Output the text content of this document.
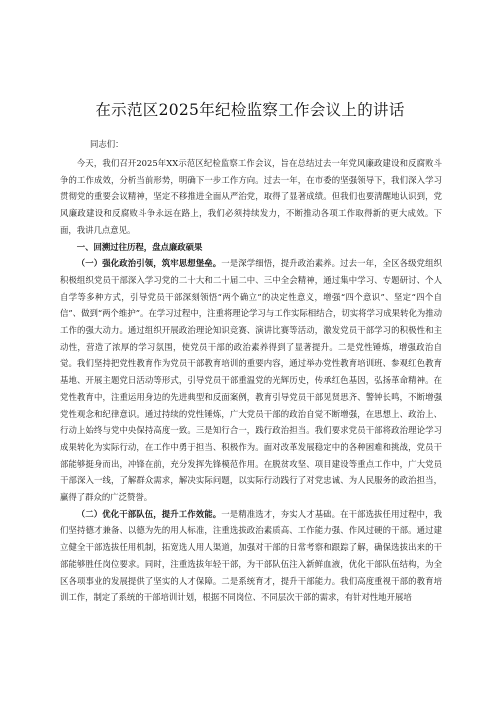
在示范区2025年纪检监察工作会议上的讲话

同志们：

今天，我们召开2025年XX示范区纪检监察工作会议，旨在总结过去一年党风廉政建设和反腐败斗争的工作成效，分析当前形势，明确下一步工作方向。过去一年，在市委的坚强领导下，我们深入学习贯彻党的重要会议精神，坚定不移推进全面从严治党，取得了显著成绩。但我们也要清醒地认识到，党风廉政建设和反腐败斗争永远在路上，我们必须持续发力，不断推动各项工作取得新的更大成效。下面，我讲几点意见。

一、回溯过往历程，盘点廉政硕果

（一）强化政治引领，筑牢思想堡垒。一是深学细悟，提升政治素养。过去一年，全区各级党组织积极组织党员干部深入学习党的二十大和二十届二中、三中全会精神，通过集中学习、专题研讨、个人自学等多种方式，引导党员干部深刻领悟“两个确立”的决定性意义，增强“四个意识”、坚定“四个自信”、做到“两个维护”。在学习过程中，注重将理论学习与工作实际相结合，切实将学习成果转化为推动工作的强大动力。通过组织开展政治理论知识竞赛、演讲比赛等活动，激发党员干部学习的积极性和主动性，营造了浓厚的学习氛围，使党员干部的政治素养得到了显著提升。二是党性锤炼，增强政治自觉。我们坚持把党性教育作为党员干部教育培训的重要内容，通过举办党性教育培训班、参观红色教育基地、开展主题党日活动等形式，引导党员干部重温党的光辉历史，传承红色基因，弘扬革命精神。在党性教育中，注重运用身边的先进典型和反面案例，教育引导党员干部见贤思齐、警钟长鸣，不断增强党性观念和纪律意识。通过持续的党性锤炼，广大党员干部的政治自觉不断增强，在思想上、政治上、行动上始终与党中央保持高度一致。三是知行合一，践行政治担当。我们要求党员干部将政治理论学习成果转化为实际行动，在工作中勇于担当、积极作为。面对改革发展稳定中的各种困难和挑战，党员干部能够挺身而出，冲锋在前，充分发挥先锋模范作用。在脱贫攻坚、项目建设等重点工作中，广大党员干部深入一线，了解群众需求，解决实际问题，以实际行动践行了对党忠诚、为人民服务的政治担当，赢得了群众的广泛赞誉。

（二）优化干部队伍，提升工作效能。一是精准选才，夯实人才基础。在干部选拔任用过程中，我们坚持德才兼备、以德为先的用人标准，注重选拔政治素质高、工作能力强、作风过硬的干部。通过建立健全干部选拔任用机制，拓宽选人用人渠道，加强对干部的日常考察和跟踪了解，确保选拔出来的干部能够胜任岗位要求。同时，注重选拔年轻干部，为干部队伍注入新鲜血液，优化干部队伍结构，为全区各项事业的发展提供了坚实的人才保障。二是系统育才，提升干部能力。我们高度重视干部的教育培训工作，制定了系统的干部培训计划，根据不同岗位、不同层次干部的需求，有针对性地开展培
